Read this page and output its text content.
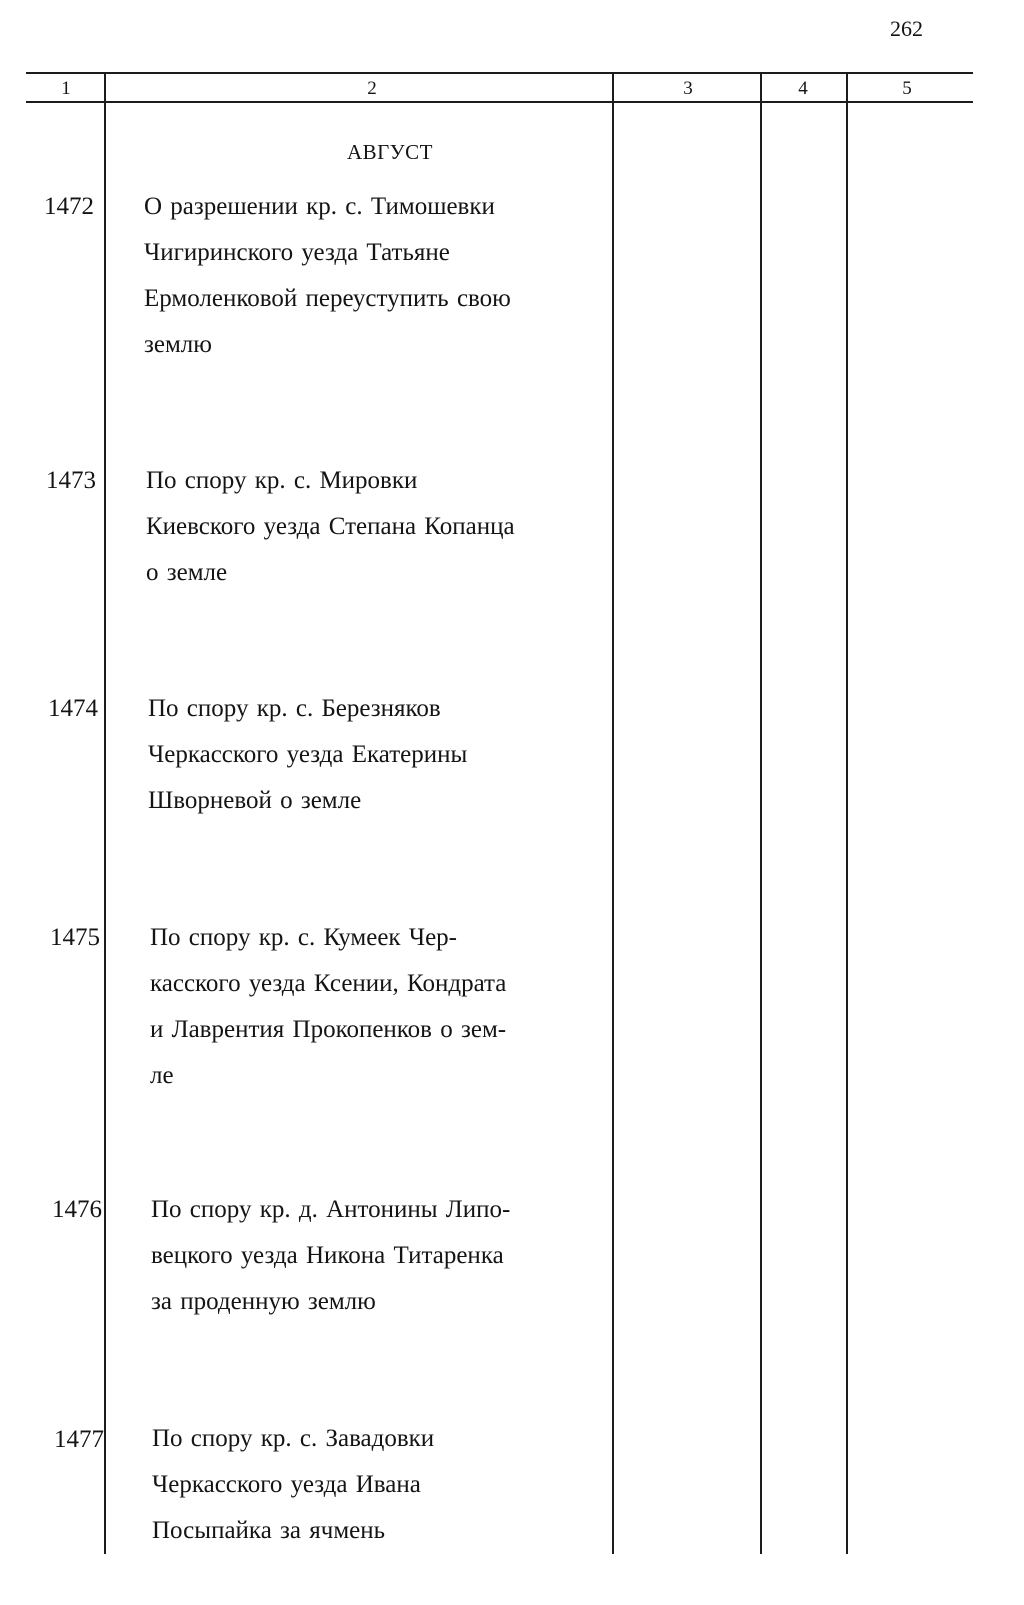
262
1	2	3	4	5
АВГУСТ
1472 О разрешении кр. с. Тимошевки
Чигиринского уезда Татьяне
Ермоленковой переуступить свою
землю
1473 По спору кр. с. Мировки
Киевского уезда Степана Копанца
о земле
1474 По спору кр. с. Березняков
Черкасского уезда Екатерины
Шворневой о земле
1475 По спору кр. с. Кумеек Чер-
касского уезда Ксении, Кондрата
и Лаврентия Прокопенков о зем-
ле
1476 По спору кр. д. Антонины Липо-
вецкого уезда Никона Титаренка
за проденную землю
1477 По спору кр. с. Завадовки
Черкасского уезда Ивана
Посыпайка за ячмень
